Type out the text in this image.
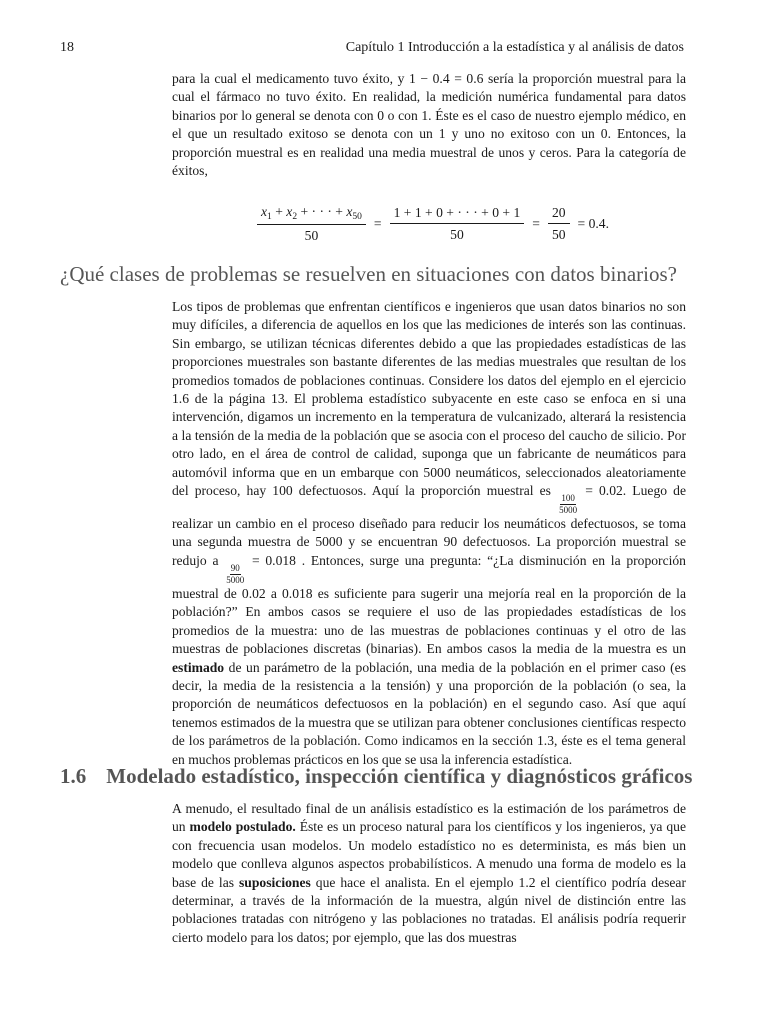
18	Capítulo 1 Introducción a la estadística y al análisis de datos

para la cual el medicamento tuvo éxito, y 1 − 0.4 = 0.6 sería la proporción muestral para la cual el fármaco no tuvo éxito. En realidad, la medición numérica fundamental para datos binarios por lo general se denota con 0 o con 1. Éste es el caso de nuestro ejemplo médico, en el que un resultado exitoso se denota con un 1 y uno no exitoso con un 0. Entonces, la proporción muestral es en realidad una media muestral de unos y ceros. Para la categoría de éxitos,

$\frac{x_1 + x_2 + \cdot \cdot \cdot + x_{50}}{50} = \frac{1 + 1 + 0 + \cdot \cdot \cdot + 0 + 1}{50} = \frac{20}{50} = 0.4$.
¿Qué clases de problemas se resuelven en situaciones con datos binarios?

Los tipos de problemas que enfrentan científicos e ingenieros que usan datos binarios no son muy difíciles, a diferencia de aquellos en los que las mediciones de interés son las continuas. Sin embargo, se utilizan técnicas diferentes debido a que las propiedades estadísticas de las proporciones muestrales son bastante diferentes de las medias muestrales que resultan de los promedios tomados de poblaciones continuas. Considere los datos del ejemplo en el ejercicio 1.6 de la página 13. El problema estadístico subyacente en este caso se enfoca en si una intervención, digamos un incremento en la temperatura de vulcanizado, alterará la resistencia a la tensión de la media de la población que se asocia con el proceso del caucho de silicio. Por otro lado, en el área de control de calidad, suponga que un fabricante de neumáticos para automóvil informa que en un embarque con 5000 neumáticos, seleccionados aleatoriamente del proceso, hay 100 defectuosos. Aquí la proporción muestral es
$\frac{100}{5000}$
= 0.02. Luego de realizar un cambio en el proceso diseñado para reducir los neumáticos defectuosos, se toma una segunda muestra de 5000 y se encuentran 90 defectuosos. La proporción muestral se redujo a
$\frac{90}{5000}$
= 0.018 . Entonces, surge una pregunta: “¿La disminución en la proporción muestral de 0.02 a 0.018 es suficiente para sugerir una mejoría real en la proporción de la población?” En ambos casos se requiere el uso de las propiedades estadísticas de los promedios de la muestra: uno de las muestras de poblaciones continuas y el otro de las muestras de poblaciones discretas (binarias). En ambos casos la media de la muestra es un estimado de un parámetro de la población, una media de la población en el primer caso (es decir, la media de la resistencia a la tensión) y una proporción de la población (o sea, la proporción de neumáticos defectuosos en la población) en el segundo caso. Así que aquí tenemos estimados de la muestra que se utilizan para obtener conclusiones científicas respecto de los parámetros de la población. Como indicamos en la sección 1.3, éste es el tema general en muchos problemas prácticos en los que se usa la inferencia estadística.

1.6 Modelado estadístico, inspección científica y diagnósticos gráficos

A menudo, el resultado final de un análisis estadístico es la estimación de los parámetros de un modelo postulado. Éste es un proceso natural para los científicos y los ingenieros, ya que con frecuencia usan modelos. Un modelo estadístico no es determinista, es más bien un modelo que conlleva algunos aspectos probabilísticos. A menudo una forma de modelo es la base de las suposiciones que hace el analista. En el ejemplo 1.2 el científico podría desear determinar, a través de la información de la muestra, algún nivel de distinción entre las poblaciones tratadas con nitrógeno y las poblaciones no tratadas. El análisis podría requerir cierto modelo para los datos; por ejemplo, que las dos muestras
